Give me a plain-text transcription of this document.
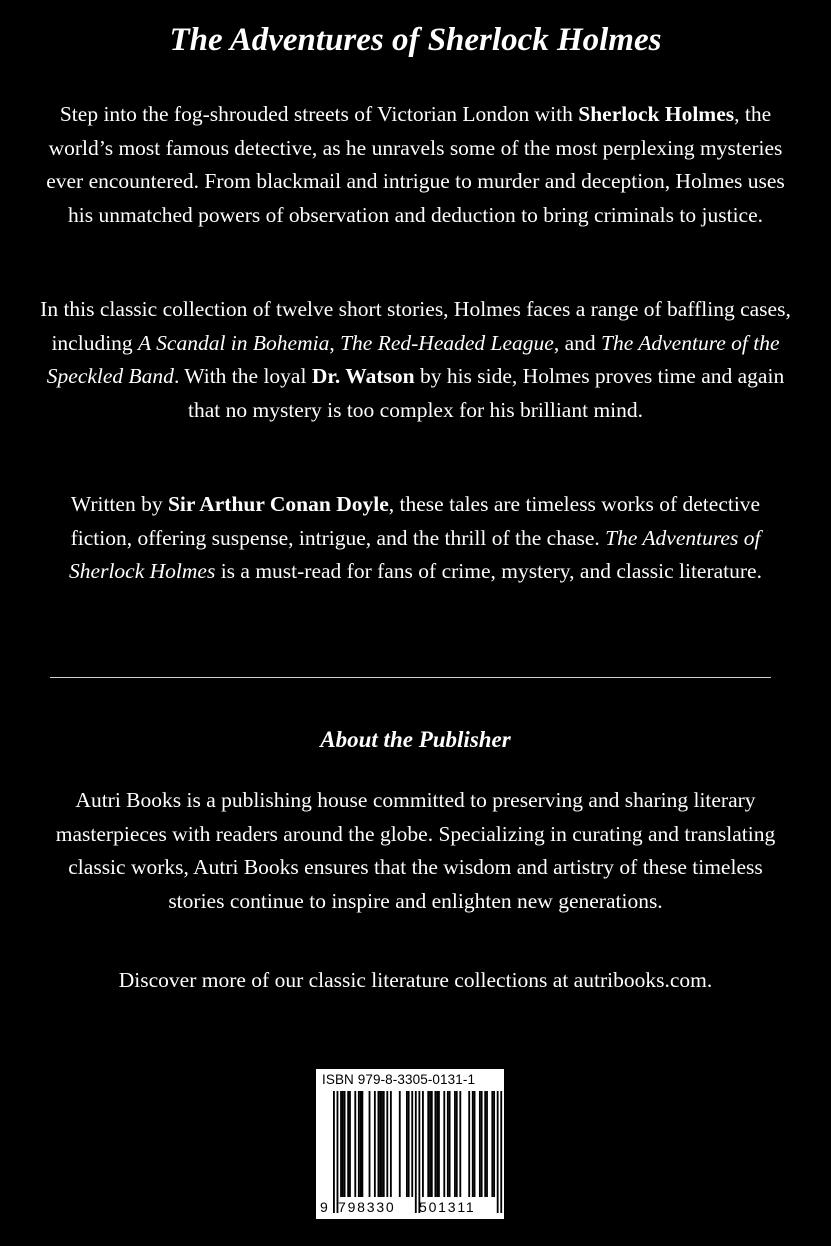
The Adventures of Sherlock Holmes

Step into the fog-shrouded streets of Victorian London with Sherlock Holmes, the world’s most famous detective, as he unravels some of the most perplexing mysteries ever encountered. From blackmail and intrigue to murder and deception, Holmes uses his unmatched powers of observation and deduction to bring criminals to justice.

In this classic collection of twelve short stories, Holmes faces a range of baffling cases, including A Scandal in Bohemia, The Red-Headed League, and The Adventure of the Speckled Band. With the loyal Dr. Watson by his side, Holmes proves time and again that no mystery is too complex for his brilliant mind.

Written by Sir Arthur Conan Doyle, these tales are timeless works of detective fiction, offering suspense, intrigue, and the thrill of the chase. The Adventures of Sherlock Holmes is a must-read for fans of crime, mystery, and classic literature.

About the Publisher

Autri Books is a publishing house committed to preserving and sharing literary masterpieces with readers around the globe. Specializing in curating and translating classic works, Autri Books ensures that the wisdom and artistry of these timeless stories continue to inspire and enlighten new generations.

Discover more of our classic literature collections at autribooks.com.

ISBN 979-8-3305-0131-1
9 798330 501311
